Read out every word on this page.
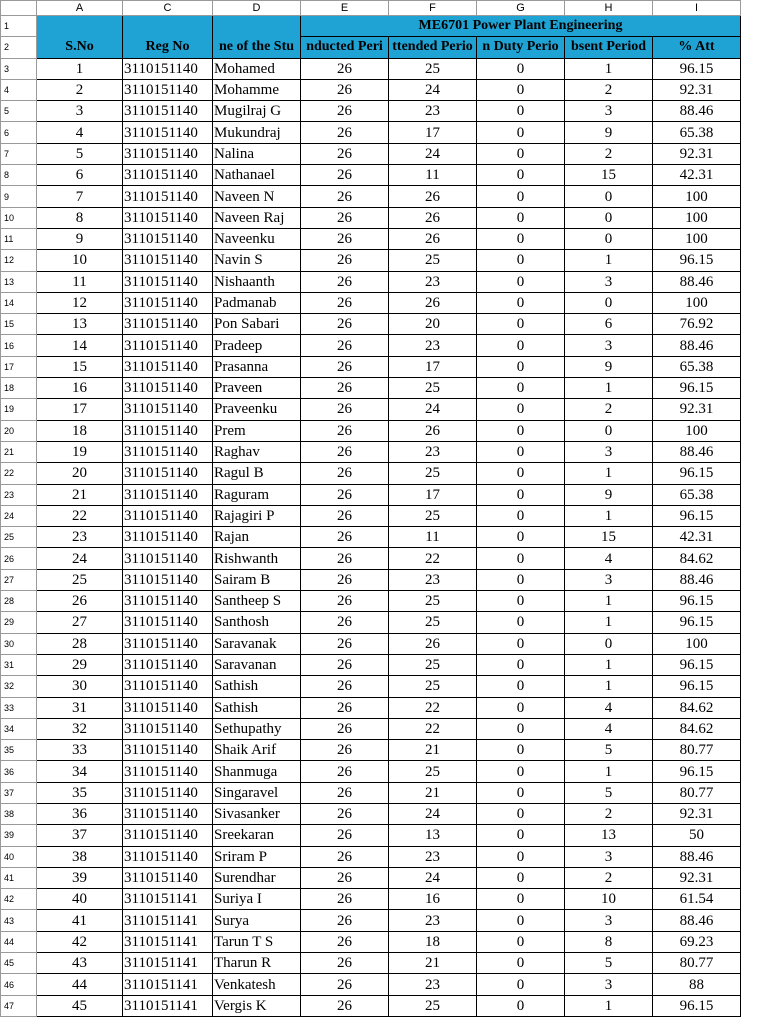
	A	C	D	E	F	G	H	I
1				ME6701 Power Plant Engineering				
2	S.No	Reg No	ne of the Stu	nducted Peri	ttended Perio	n Duty Perio	bsent Period	% Att
3	1	3110151140	Mohamed	26	25	0	1	96.15
4	2	3110151140	Mohamme	26	24	0	2	92.31
5	3	3110151140	Mugilraj G	26	23	0	3	88.46
6	4	3110151140	Mukundraj	26	17	0	9	65.38
7	5	3110151140	Nalina	26	24	0	2	92.31
8	6	3110151140	Nathanael	26	11	0	15	42.31
9	7	3110151140	Naveen N	26	26	0	0	100
10	8	3110151140	Naveen Raj	26	26	0	0	100
11	9	3110151140	Naveenku	26	26	0	0	100
12	10	3110151140	Navin S	26	25	0	1	96.15
13	11	3110151140	Nishaanth	26	23	0	3	88.46
14	12	3110151140	Padmanab	26	26	0	0	100
15	13	3110151140	Pon Sabari	26	20	0	6	76.92
16	14	3110151140	Pradeep	26	23	0	3	88.46
17	15	3110151140	Prasanna	26	17	0	9	65.38
18	16	3110151140	Praveen	26	25	0	1	96.15
19	17	3110151140	Praveenku	26	24	0	2	92.31
20	18	3110151140	Prem	26	26	0	0	100
21	19	3110151140	Raghav	26	23	0	3	88.46
22	20	3110151140	Ragul B	26	25	0	1	96.15
23	21	3110151140	Raguram	26	17	0	9	65.38
24	22	3110151140	Rajagiri P	26	25	0	1	96.15
25	23	3110151140	Rajan	26	11	0	15	42.31
26	24	3110151140	Rishwanth	26	22	0	4	84.62
27	25	3110151140	Sairam B	26	23	0	3	88.46
28	26	3110151140	Santheep S	26	25	0	1	96.15
29	27	3110151140	Santhosh	26	25	0	1	96.15
30	28	3110151140	Saravanak	26	26	0	0	100
31	29	3110151140	Saravanan	26	25	0	1	96.15
32	30	3110151140	Sathish	26	25	0	1	96.15
33	31	3110151140	Sathish	26	22	0	4	84.62
34	32	3110151140	Sethupathy	26	22	0	4	84.62
35	33	3110151140	Shaik Arif	26	21	0	5	80.77
36	34	3110151140	Shanmuga	26	25	0	1	96.15
37	35	3110151140	Singaravel	26	21	0	5	80.77
38	36	3110151140	Sivasanker	26	24	0	2	92.31
39	37	3110151140	Sreekaran	26	13	0	13	50
40	38	3110151140	Sriram P	26	23	0	3	88.46
41	39	3110151140	Surendhar	26	24	0	2	92.31
42	40	3110151141	Suriya I	26	16	0	10	61.54
43	41	3110151141	Surya	26	23	0	3	88.46
44	42	3110151141	Tarun T S	26	18	0	8	69.23
45	43	3110151141	Tharun R	26	21	0	5	80.77
46	44	3110151141	Venkatesh	26	23	0	3	88
47	45	3110151141	Vergis K	26	25	0	1	96.15
